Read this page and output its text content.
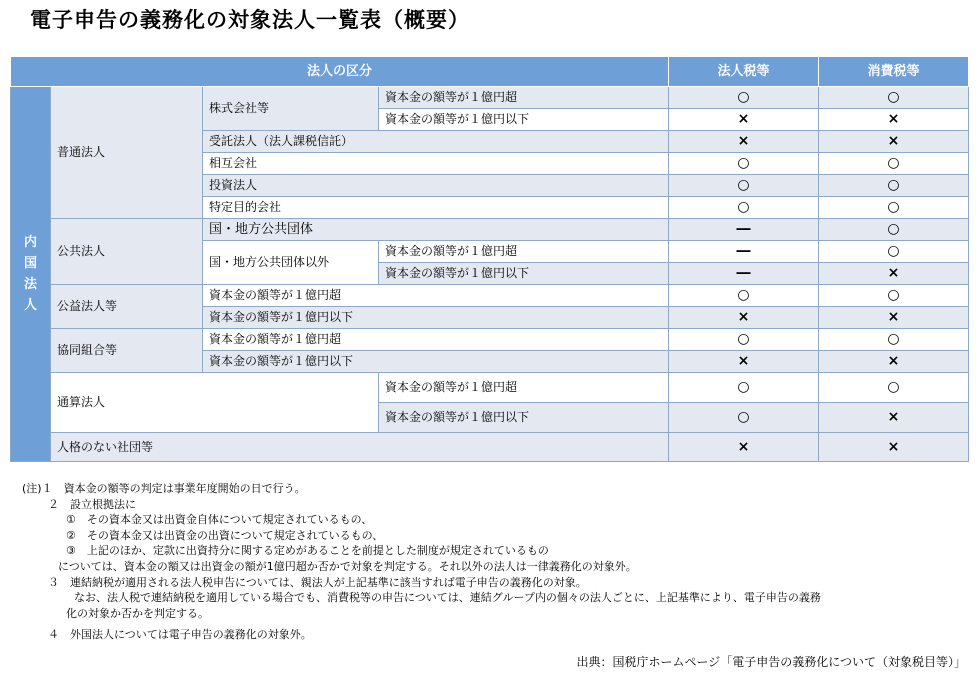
電子申告の義務化の対象法人一覧表（概要）
法人の区分				法人税等	消費税等
内国法人	普通法人	株式会社等	資本金の額等が１億円超	○	○
			資本金の額等が１億円以下	×	×
		受託法人（法人課税信託）		×	×
		相互会社		○	○
		投資法人		○	○
		特定目的会社		○	○
	公共法人	国・地方公共団体		―	○
		国・地方公共団体以外	資本金の額等が１億円超	―	○
			資本金の額等が１億円以下	―	×
	公益法人等	資本金の額等が１億円超		○	○
		資本金の額等が１億円以下		×	×
	協同組合等	資本金の額等が１億円超		○	○
		資本金の額等が１億円以下		×	×
	通算法人		資本金の額等が１億円超	○	○
			資本金の額等が１億円以下	○	×
	人格のない社団等			×	×
(注)１　資本金の額等の判定は事業年度開始の日で行う。
２　設立根拠法に
①　その資本金又は出資金自体について規定されているもの、
②　その資本金又は出資金の出資について規定されているもの、
③　上記のほか、定款に出資持分に関する定めがあることを前提とした制度が規定されているもの
については、資本金の額又は出資金の額が1億円超か否かで対象を判定する。それ以外の法人は一律義務化の対象外。
３　連結納税が適用される法人税申告については、親法人が上記基準に該当すれば電子申告の義務化の対象。
なお、法人税で連結納税を適用している場合でも、消費税等の申告については、連結グループ内の個々の法人ごとに、上記基準により、電子申告の義務
化の対象か否かを判定する。
４　外国法人については電子申告の義務化の対象外。
出典：国税庁ホームページ「電子申告の義務化について（対象税目等）」
